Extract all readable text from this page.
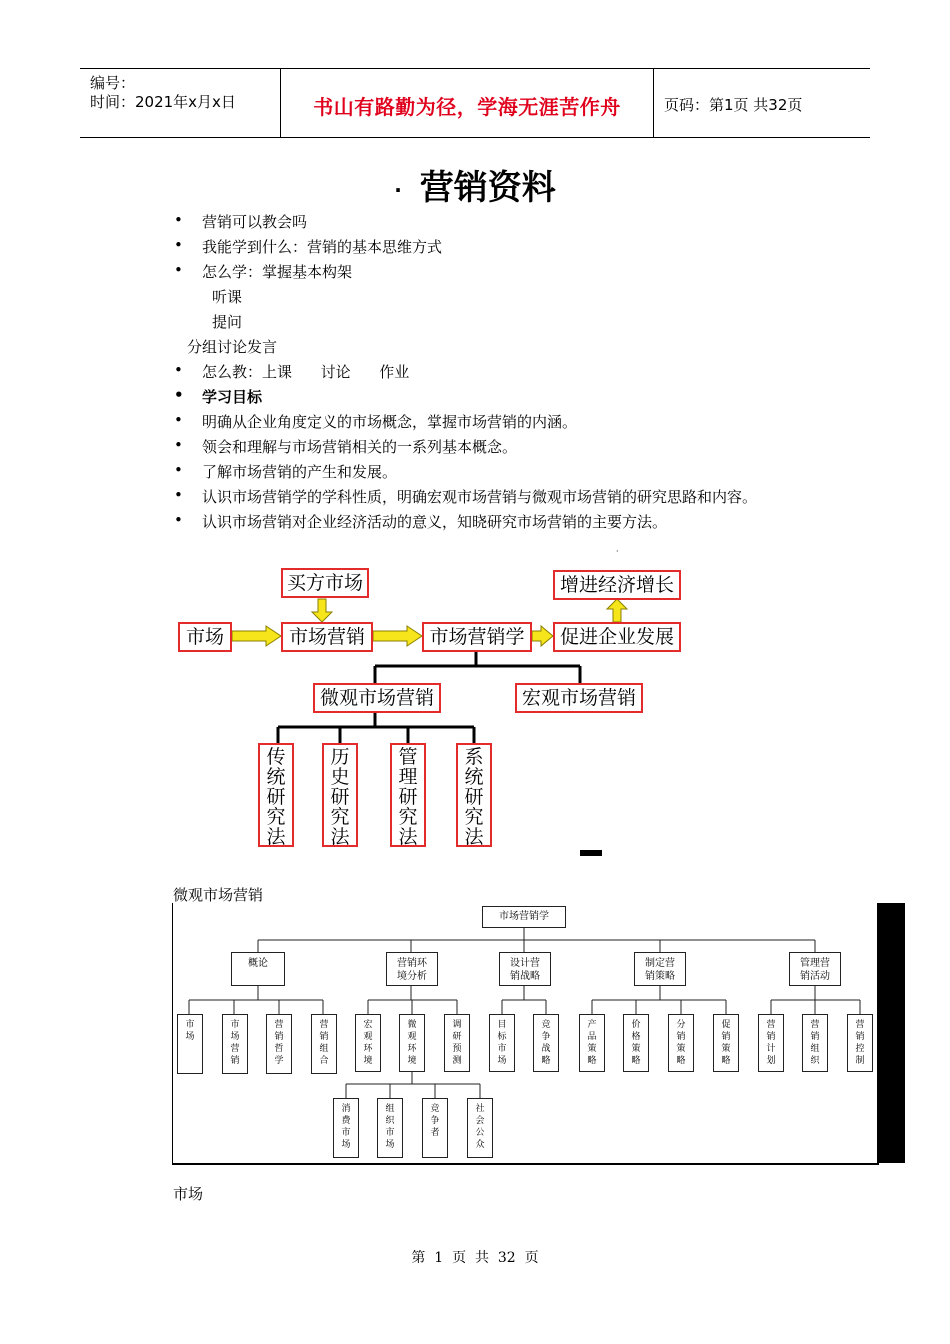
编号：
时间：2021年x月x日	书山有路勤为径，学海无涯苦作舟	页码：第1页 共32页
· 营销资料
• 营销可以教会吗
• 我能学到什么：营销的基本思维方式
• 怎么学：掌握基本构架
听课
提问
分组讨论发言
• 怎么教：上课      讨论      作业
• 学习目标
• 明确从企业角度定义的市场概念，掌握市场营销的内涵。
• 领会和理解与市场营销相关的一系列基本概念。
• 了解市场营销的产生和发展。
• 认识市场营销学的学科性质，明确宏观市场营销与微观市场营销的研究思路和内容。
• 认识市场营销对企业经济活动的意义，知晓研究市场营销的主要方法。
买方市场	增进经济增长
市场	市场营销	市场营销学	促进企业发展
微观市场营销	宏观市场营销
传统研究法
历史研究法
管理研究法
系统研究法
·
微观市场营销
市场营销学
概论	营销环境分析
设计营销战略
制定营销策略
管理营销活动
市场
市场营销
营销哲学
营销组合
宏观环境
微观环境
调研预测
目标市场
竞争战略
产品策略
价格策略
分销策略
促销策略
营销计划
营销组织
营销控制
消费市场
组织市场
竞争者
社会公众
市场
第  1  页  共  32  页
